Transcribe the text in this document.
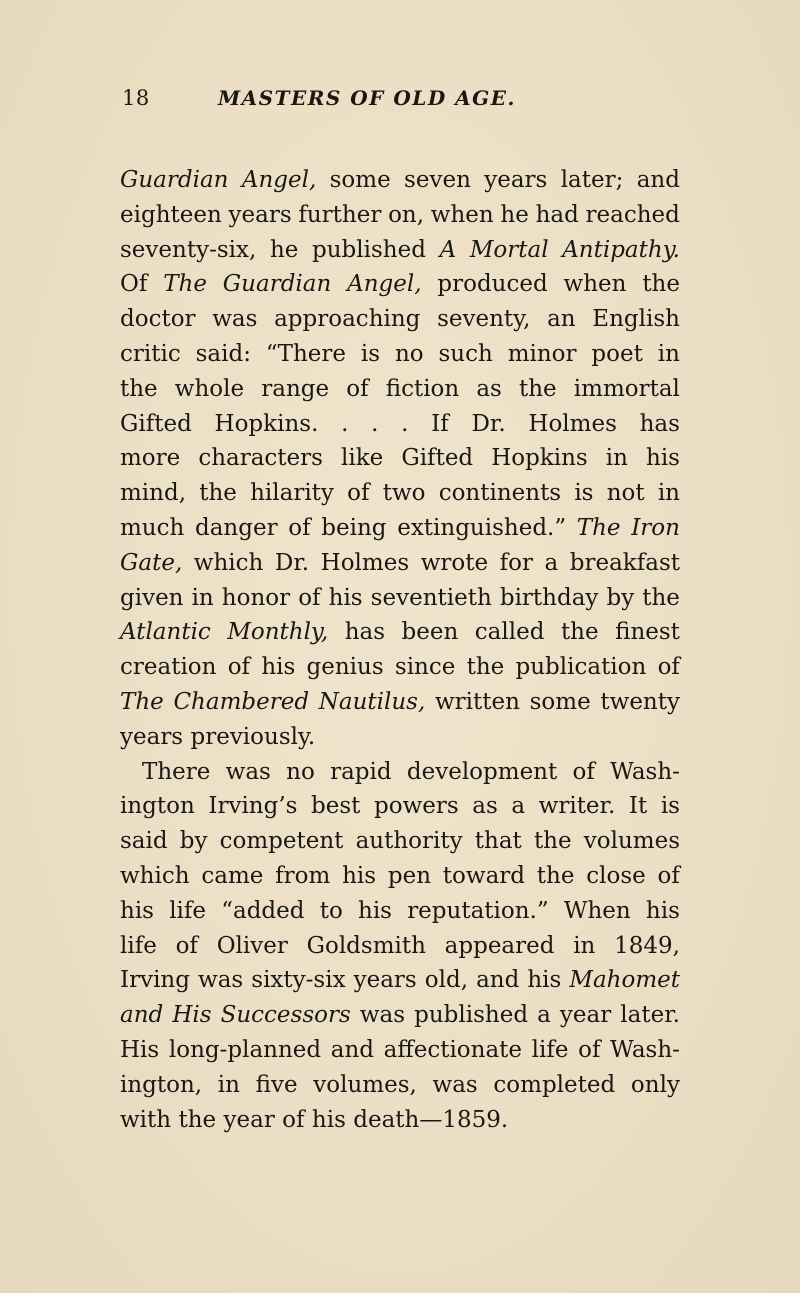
18	MASTERS OF OLD AGE.
Guardian Angel, some seven years later; and
eighteen years further on, when he had reached
seventy-six, he published A Mortal Antipathy.
Of The Guardian Angel, produced when the
doctor was approaching seventy, an English
critic said: “There is no such minor poet in
the whole range of fiction as the immortal
Gifted Hopkins. . . . If Dr. Holmes has
more characters like Gifted Hopkins in his
mind, the hilarity of two continents is not in
much danger of being extinguished.” The Iron
Gate, which Dr. Holmes wrote for a breakfast
given in honor of his seventieth birthday by the
Atlantic Monthly, has been called the finest
creation of his genius since the publication of
The Chambered Nautilus, written some twenty
years previously.
There was no rapid development of Wash-
ington Irving’s best powers as a writer. It is
said by competent authority that the volumes
which came from his pen toward the close of
his life “added to his reputation.” When his
life of Oliver Goldsmith appeared in 1849,
Irving was sixty-six years old, and his Mahomet
and His Successors was published a year later.
His long-planned and affectionate life of Wash-
ington, in five volumes, was completed only
with the year of his death—1859.
